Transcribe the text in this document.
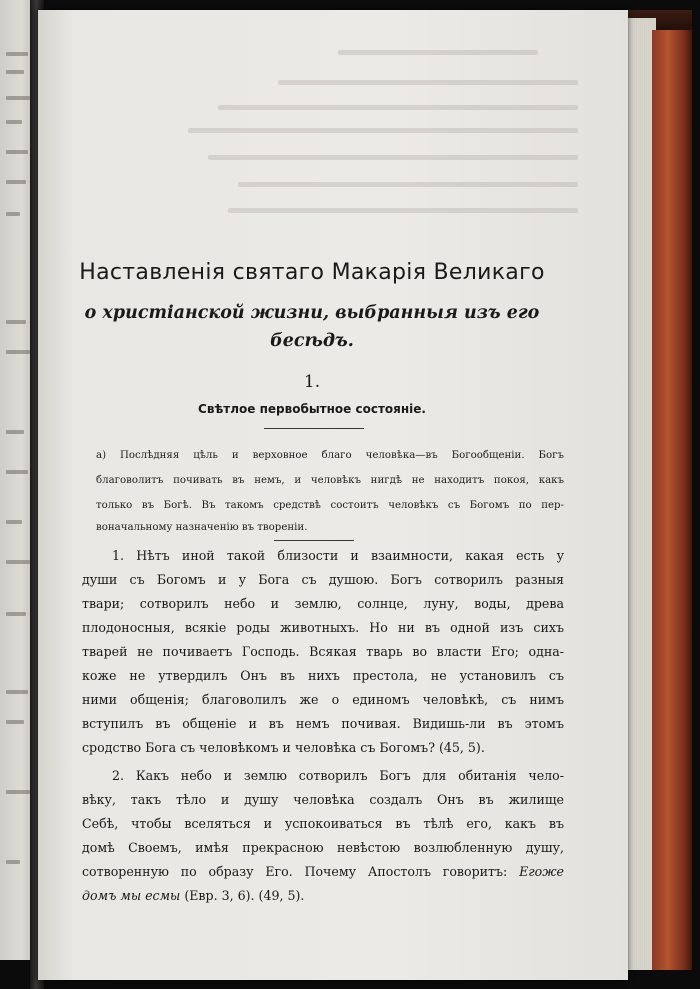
Наставленія святаго Макарія Великаго
о христіанской жизни, выбранныя изъ его
бесѣдъ.
1.
Свѣтлое первобытное состояніе.
а) Послѣдняя цѣль и верховное благо человѣка—въ Богообщеніи. Богъ
благоволитъ почивать въ немъ, и человѣкъ нигдѣ не находитъ покоя, какъ
только въ Богѣ. Въ такомъ средствѣ состоитъ человѣкъ съ Богомъ по пер-
воначальному назначенію въ твореніи.
1. Нѣтъ иной такой близости и взаимности, какая есть у
души съ Богомъ и у Бога съ душою. Богъ сотворилъ разныя
твари; сотворилъ небо и землю, солнце, луну, воды, древа
плодоносныя, всякіе роды животныхъ. Но ни въ одной изъ сихъ
тварей не почиваетъ Господь. Всякая тварь во власти Его; одна-
коже не утвердилъ Онъ въ нихъ престола, не установилъ съ
ними общенія; благоволилъ же о единомъ человѣкѣ, съ нимъ
вступилъ въ общеніе и въ немъ почивая. Видишь-ли въ этомъ
сродство Бога съ человѣкомъ и человѣка съ Богомъ? (45, 5).
2. Какъ небо и землю сотворилъ Богъ для обитанія чело-
вѣку, такъ тѣло и душу человѣка создалъ Онъ въ жилище
Себѣ, чтобы вселяться и успокоиваться въ тѣлѣ его, какъ въ
домѣ Своемъ, имѣя прекрасною невѣстою возлюбленную душу,
сотворенную по образу Его. Почему Апостолъ говоритъ: Егоже
домъ мы есмы (Евр. 3, 6). (49, 5).
